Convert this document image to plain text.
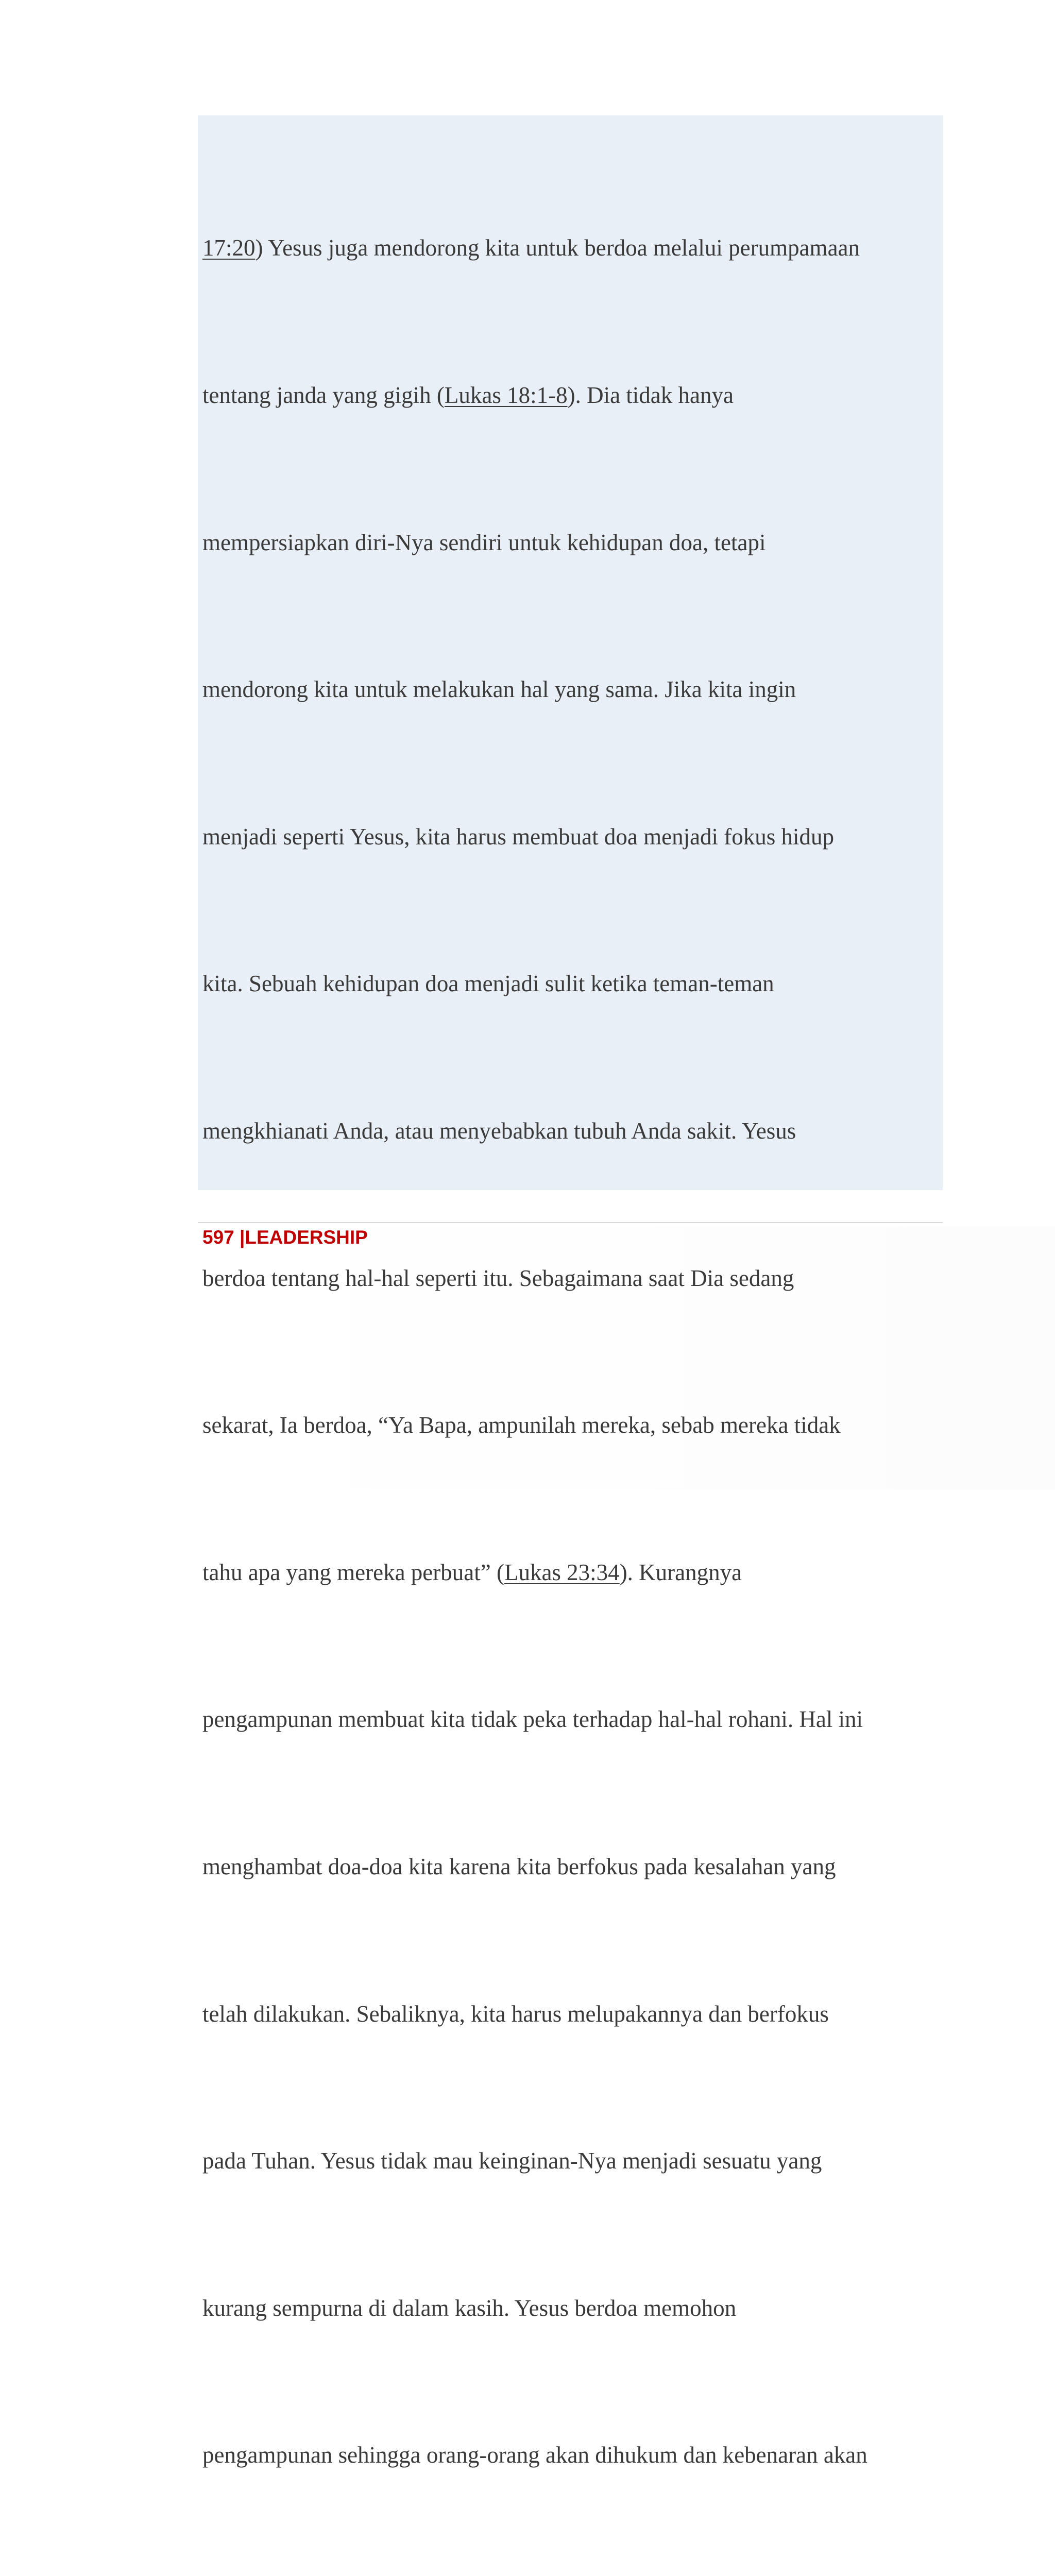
17:20) Yesus juga mendorong kita untuk berdoa melalui perumpamaan

tentang janda yang gigih (Lukas 18:1-8). Dia tidak hanya

mempersiapkan diri-Nya sendiri untuk kehidupan doa, tetapi

mendorong kita untuk melakukan hal yang sama. Jika kita ingin

menjadi seperti Yesus, kita harus membuat doa menjadi fokus hidup

kita. Sebuah kehidupan doa menjadi sulit ketika teman-teman

mengkhianati Anda, atau menyebabkan tubuh Anda sakit. Yesus

berdoa tentang hal-hal seperti itu. Sebagaimana saat Dia sedang

sekarat, Ia berdoa, “Ya Bapa, ampunilah mereka, sebab mereka tidak

tahu apa yang mereka perbuat” (Lukas 23:34). Kurangnya

pengampunan membuat kita tidak peka terhadap hal-hal rohani. Hal ini

menghambat doa-doa kita karena kita berfokus pada kesalahan yang

telah dilakukan. Sebaliknya, kita harus melupakannya dan berfokus

pada Tuhan. Yesus tidak mau keinginan-Nya menjadi sesuatu yang

kurang sempurna di dalam kasih. Yesus berdoa memohon

pengampunan sehingga orang-orang akan dihukum dan kebenaran akan

597 |LEADERSHIP
